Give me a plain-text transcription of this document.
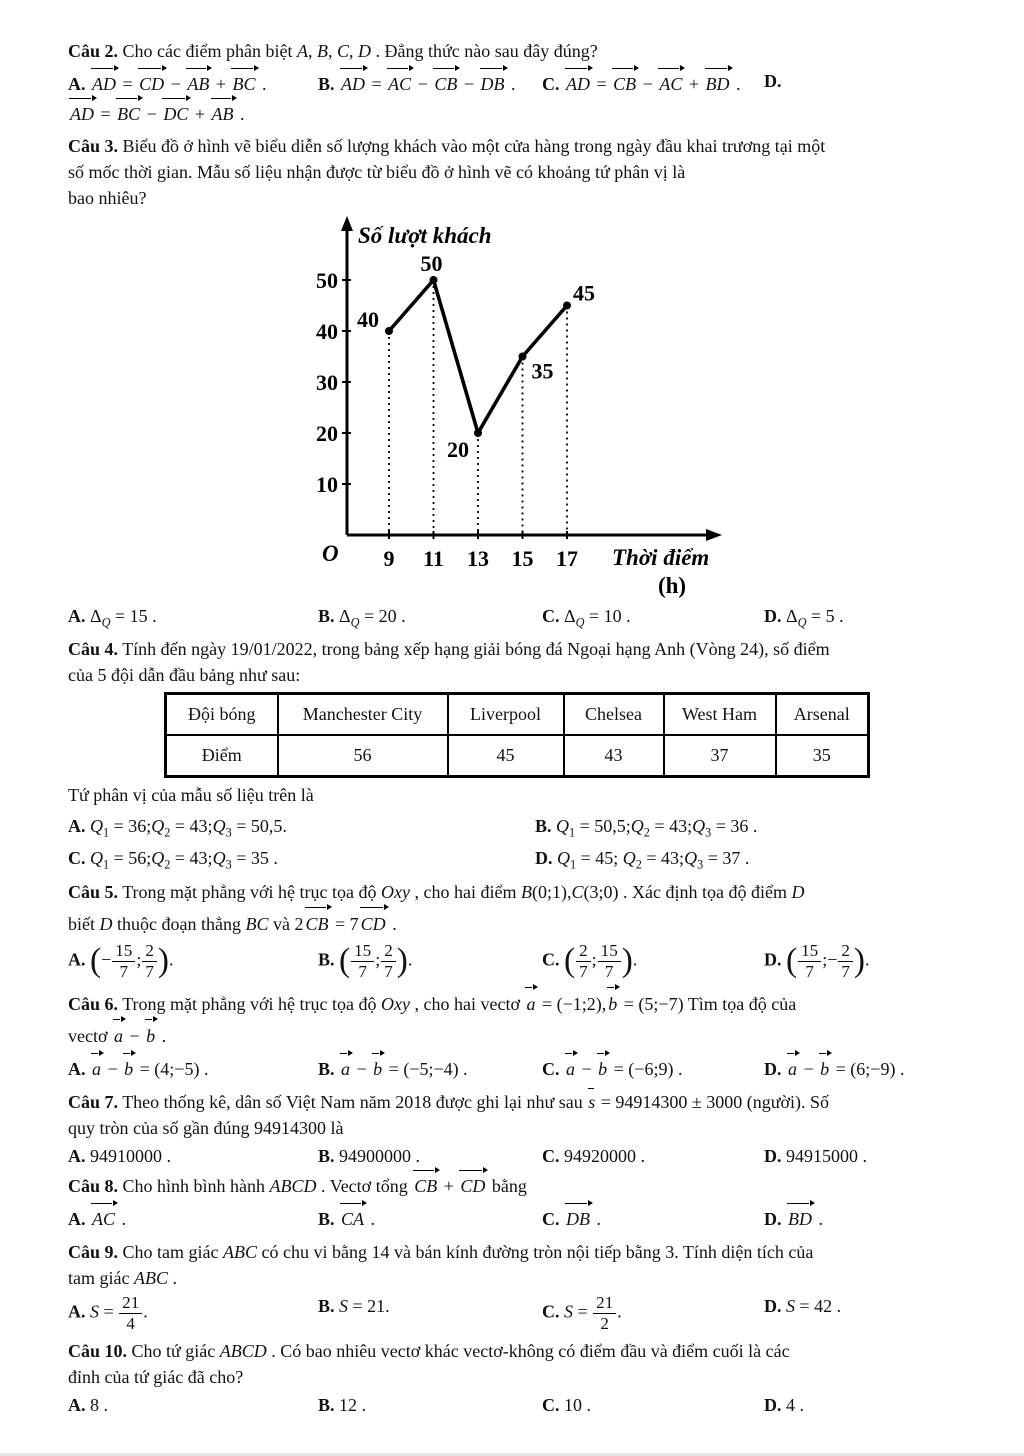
Câu 2. Cho các điểm phân biệt A, B, C, D . Đẳng thức nào sau đây đúng?

A. AD = CD − AB + BC .	B. AD = AC − CB − DB .	C. AD = CB − AC + BD .	D.

AD = BC − DC + AB .

Câu 3. Biểu đồ ở hình vẽ biểu diễn số lượng khách vào một cửa hàng trong ngày đầu khai trương tại một

số mốc thời gian. Mẫu số liệu nhận được từ biểu đồ ở hình vẽ có khoảng tứ phân vị là

bao nhiêu?

10
20
30
40
50
9 11 13 15 17
40
50
20
35
45
Số lượt khách
Thời điểm
(h)
O
A. $\Delta_Q = 15$ .	B. $\Delta_Q = 20$ .	C. $\Delta_Q = 10$ .	D. $\Delta_Q = 5$ .

Câu 4. Tính đến ngày 19/01/2022, trong bảng xếp hạng giải bóng đá Ngoại hạng Anh (Vòng 24), số điểm

của 5 đội dẫn đầu bảng như sau:

Đội bóng	Manchester City	Liverpool	Chelsea	West Ham	Arsenal
Điểm	56	45	43	37	35

Tứ phân vị của mẫu số liệu trên là

A. $Q_1$ = $36;Q_2$ = $43;Q_3 = 50,5$.	B. $Q_1$ = $50,5;Q_2$ = $43;Q_3 = 36$ .
C. $Q_1$ = $56;Q_2$ = $43;Q_3 = 35$ .	D. $Q_1 = 45$; $Q_2$ = $43;Q_3 = 37$ .

Câu 5. Trong mặt phẳng với hệ trục tọa độ Oxy , cho hai điểm B(0;1),C(3;0) . Xác định tọa độ điểm D

biết D thuộc đoạn thẳng BC và 2 CB = 7 CD .

A. (− $\frac{15}{7}$ ; $\frac{2}{7}$ ).	B. ( $\frac{15}{7}$ ; $\frac{2}{7}$ ).	C. ( $\frac{2}{7}$ ; $\frac{15}{7}$ ).	D. ( $\frac{15}{7}$ ;− $\frac{2}{7}$ ).

Câu 6. Trong mặt phẳng với hệ trục tọa độ Oxy , cho hai vectơ a = (−1;2), b = (5;−7) Tìm tọa độ của

vectơ a − b .

A. a − b = (4;−5) .	B. a − b = (−5;−4) .	C. a − b = (−6;9) .	D. a − b = (6;−9) .

Câu 7. Theo thống kê, dân số Việt Nam năm 2018 được ghi lại như sau s = 94914300 ± 3000 (người). Số

quy tròn của số gần đúng 94914300 là

A. 94910000 .	B. 94900000 .	C. 94920000 .	D. 94915000 .

Câu 8. Cho hình bình hành ABCD . Vectơ tổng CB + CD bằng

A. AC .	B. CA .	C. DB .	D. BD .

Câu 9. Cho tam giác ABC có chu vi bằng 14 và bán kính đường tròn nội tiếp bằng 3. Tính diện tích của

tam giác ABC .

A. $S = \frac{21}{4}$ .	B. S = 21.	C. $S = \frac{21}{2}$ .	D. S = 42 .

Câu 10. Cho tứ giác ABCD . Có bao nhiêu vectơ khác vectơ-không có điểm đầu và điểm cuối là các

đỉnh của tứ giác đã cho?

A. 8 .	B. 12 .	C. 10 .	D. 4 .
